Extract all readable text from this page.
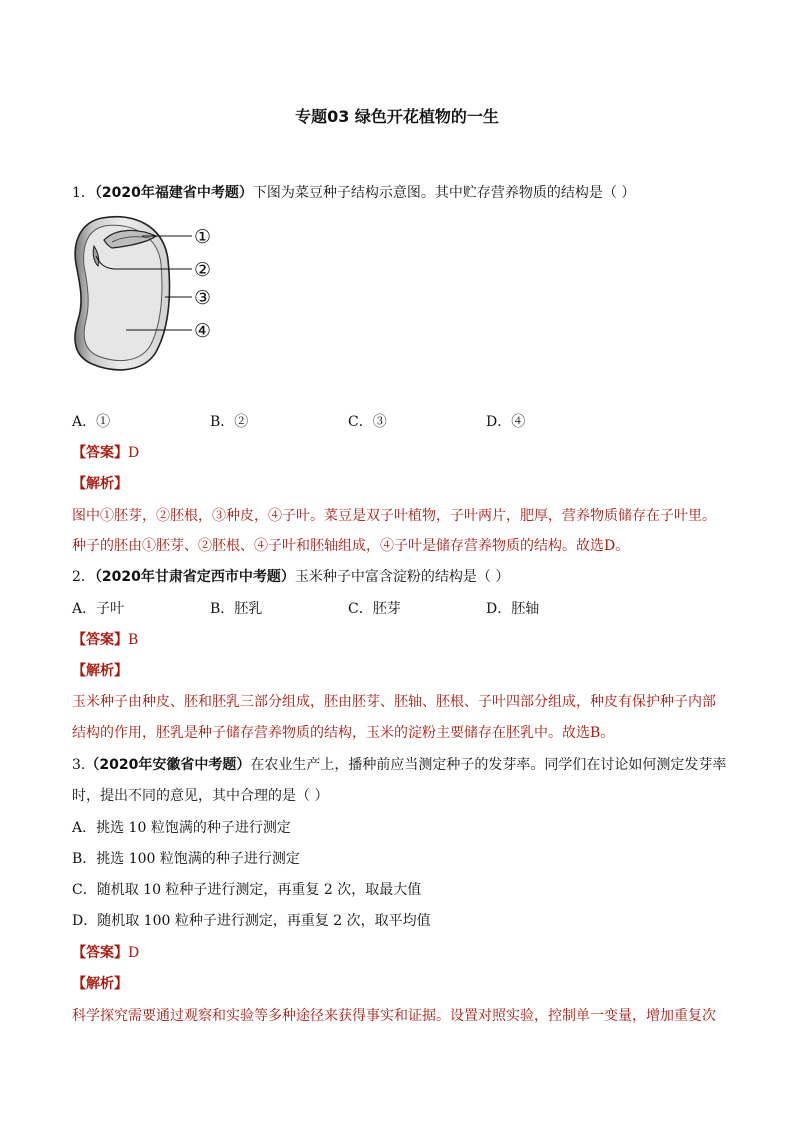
专题03 绿色开花植物的一生
1．（2020年福建省中考题）下图为菜豆种子结构示意图。其中贮存营养物质的结构是（ ）
①
②
③
④
A．①	B．②	C．③	D．④
【答案】D
【解析】
图中①胚芽，②胚根，③种皮，④子叶。菜豆是双子叶植物，子叶两片，肥厚，营养物质储存在子叶里。
种子的胚由①胚芽、②胚根、④子叶和胚轴组成，④子叶是储存营养物质的结构。故选D。
2．（2020年甘肃省定西市中考题）玉米种子中富含淀粉的结构是（ ）
A．子叶	B．胚乳	C．胚芽	D．胚轴
【答案】B
【解析】
玉米种子由种皮、胚和胚乳三部分组成，胚由胚芽、胚轴、胚根、子叶四部分组成，种皮有保护种子内部
结构的作用，胚乳是种子储存营养物质的结构，玉米的淀粉主要储存在胚乳中。故选B。
3.（2020年安徽省中考题）在农业生产上，播种前应当测定种子的发芽率。同学们在讨论如何测定发芽率
时，提出不同的意见，其中合理的是（ ）
A．挑选 10 粒饱满的种子进行测定
B．挑选 100 粒饱满的种子进行测定
C．随机取 10 粒种子进行测定，再重复 2 次，取最大值
D．随机取 100 粒种子进行测定，再重复 2 次，取平均值
【答案】D
【解析】
科学探究需要通过观察和实验等多种途径来获得事实和证据。设置对照实验，控制单一变量，增加重复次
